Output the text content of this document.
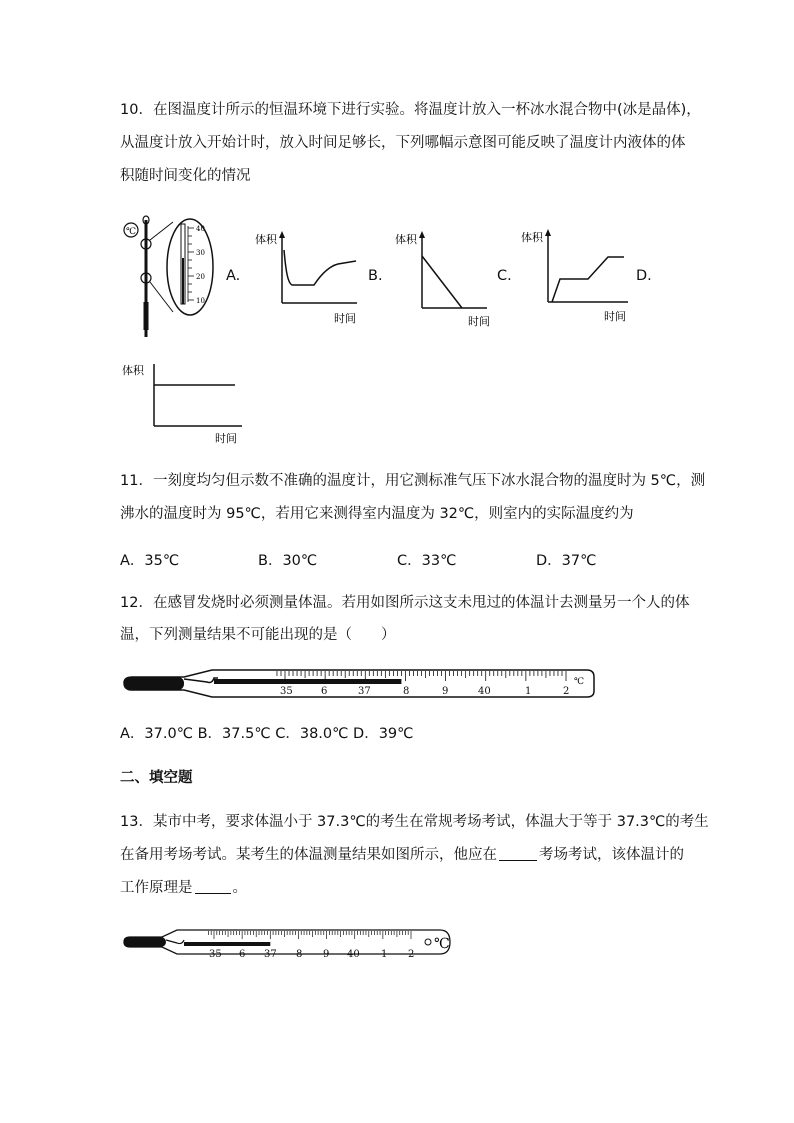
10．在图温度计所示的恒温环境下进行实验。将温度计放入一杯冰水混合物中(冰是晶体)，
从温度计放入开始计时，放入时间足够长，下列哪幅示意图可能反映了温度计内液体的体
积随时间变化的情况
℃	40
30
20
10
A.	B.	C.	D.
体积
时间
体积
时间
体积
时间
体积
时间
11．一刻度均匀但示数不准确的温度计，用它测标准气压下冰水混合物的温度时为 5℃，测
沸水的温度时为 95℃，若用它来测得室内温度为 32℃，则室内的实际温度约为
A．35℃	B．30℃	C．33℃	D．37℃
12．在感冒发烧时必须测量体温。若用如图所示这支未甩过的体温计去测量另一个人的体
温，下列测量结果不可能出现的是（　　）
35	6	37	8	9	40	1	2
℃
A．37.0℃ B．37.5℃ C．38.0℃ D．39℃
二、填空题
13．某市中考，要求体温小于 37.3℃的考生在常规考场考试，体温大于等于 37.3℃的考生
在备用考场考试。某考生的体温测量结果如图所示，他应在	考场考试，该体温计的
工作原理是	。
35 6 37 8 9 40 1 2
℃
